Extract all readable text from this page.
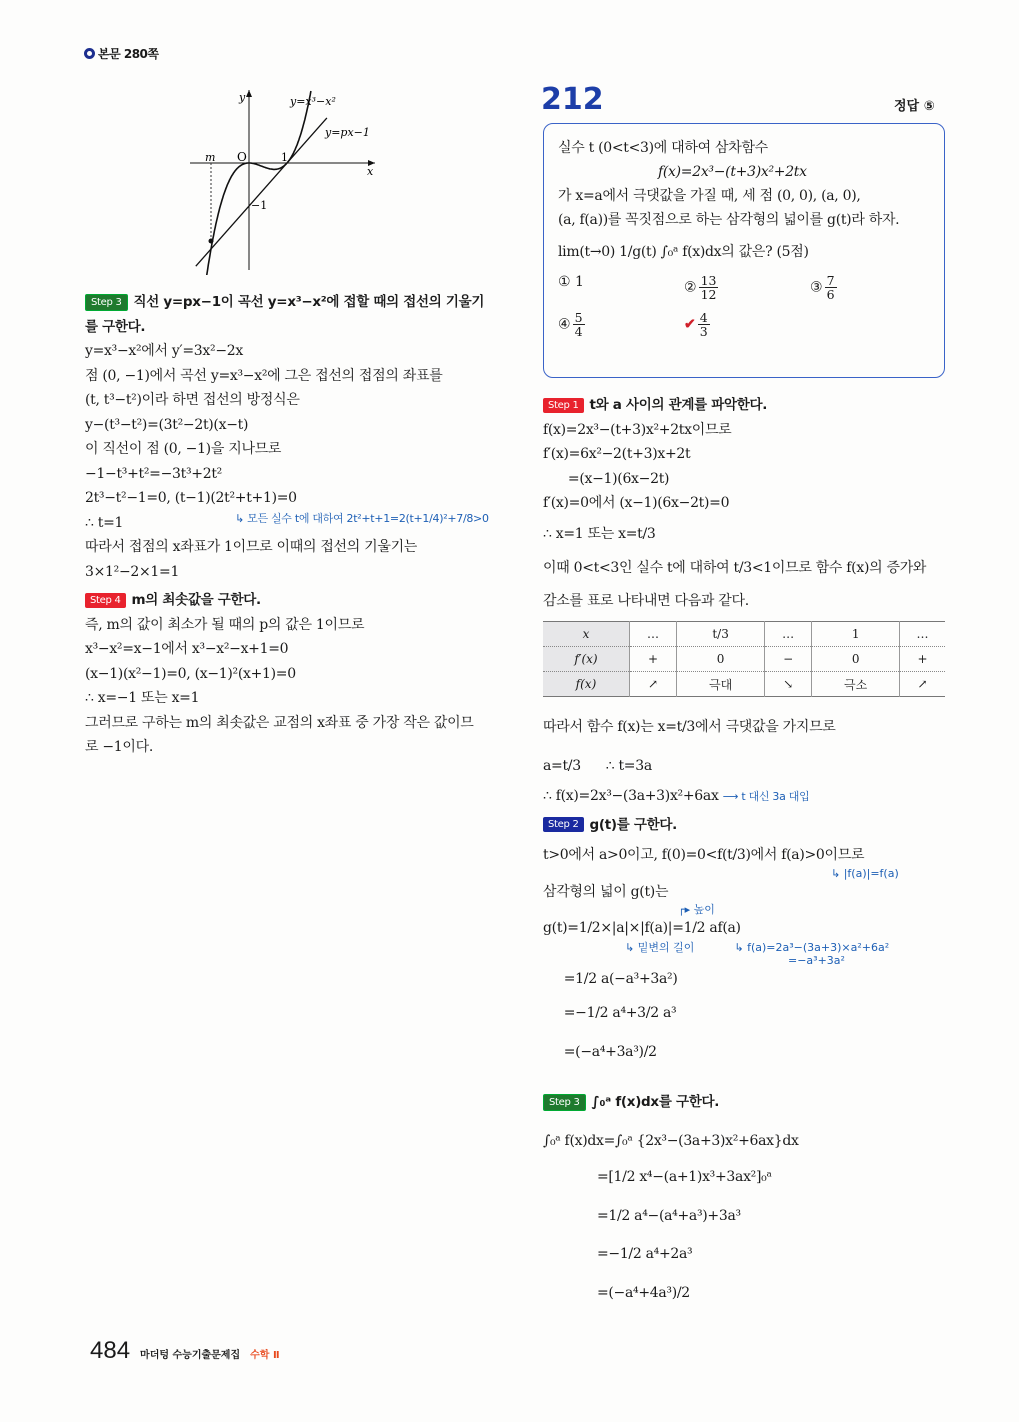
본문 280쪽
y
x
O
m	1
−1
y=x³−x²
y=px−1
Step 3 직선 y=px−1이 곡선 y=x³−x²에 접할 때의 접선의 기울기
를 구한다.
y=x³−x²에서 y′=3x²−2x
점 (0, −1)에서 곡선 y=x³−x²에 그은 접선의 접점의 좌표를
(t, t³−t²)이라 하면 접선의 방정식은
y−(t³−t²)=(3t²−2t)(x−t)
이 직선이 점 (0, −1)을 지나므로
−1−t³+t²=−3t³+2t²
2t³−t²−1=0, (t−1)(2t²+t+1)=0
∴ t=1	↳ 모든 실수 t에 대하여 2t²+t+1=2(t+1/4)²+7/8>0
따라서 접점의 x좌표가 1이므로 이때의 접선의 기울기는
3×1²−2×1=1
Step 4 m의 최솟값을 구한다.
즉, m의 값이 최소가 될 때의 p의 값은 1이므로
x³−x²=x−1에서 x³−x²−x+1=0
(x−1)(x²−1)=0, (x−1)²(x+1)=0
∴ x=−1 또는 x=1
그러므로 구하는 m의 최솟값은 교점의 x좌표 중 가장 작은 값이므
로 −1이다.
212	정답 ⑤
실수 t (0<t<3)에 대하여 삼차함수
f(x)=2x³−(t+3)x²+2tx
가 x=a에서 극댓값을 가질 때, 세 점 (0, 0), (a, 0),
(a, f(a))를 꼭짓점으로 하는 삼각형의 넓이를 g(t)라 하자.
lim(t→0) 1/g(t) ∫₀ᵃ f(x)dx의 값은? (5점)
① 1	② $\frac{13}{12}$	③ $\frac{7}{6}$
④ $\frac{5}{4}$	✔ $\frac{4}{3}$
Step 1 t와 a 사이의 관계를 파악한다.
f(x)=2x³−(t+3)x²+2tx이므로
f′(x)=6x²−2(t+3)x+2t
=(x−1)(6x−2t)
f′(x)=0에서 (x−1)(6x−2t)=0
∴ x=1 또는 x=t/3
이때 0<t<3인 실수 t에 대하여 t/3<1이므로 함수 f(x)의 증가와
감소를 표로 나타내면 다음과 같다.
x	…	t/3	…	1	…
f′(x)	+	0	−	0	+
f(x)	↗	극대	↘	극소	↗
따라서 함수 f(x)는 x=t/3에서 극댓값을 가지므로
a=t/3      ∴ t=3a
∴ f(x)=2x³−(3a+3)x²+6ax ⟶ t 대신 3a 대입
Step 2 g(t)를 구한다.
t>0에서 a>0이고, f(0)=0<f(t/3)에서 f(a)>0이므로
↳ |f(a)|=f(a)
삼각형의 넓이 g(t)는
┌▸ 높이
g(t)=1/2×|a|×|f(a)|=1/2 af(a)
↳ 밑변의 길이	↳ f(a)=2a³−(3a+3)×a²+6a²
=−a³+3a²
=1/2 a(−a³+3a²)
=−1/2 a⁴+3/2 a³
=(−a⁴+3a³)/2
Step 3 ∫₀ᵃ f(x)dx를 구한다.
∫₀ᵃ f(x)dx=∫₀ᵃ {2x³−(3a+3)x²+6ax}dx
=[1/2 x⁴−(a+1)x³+3ax²]₀ᵃ
=1/2 a⁴−(a⁴+a³)+3a³
=−1/2 a⁴+2a³
=(−a⁴+4a³)/2
484 마더텅 수능기출문제집 수학 Ⅱ
